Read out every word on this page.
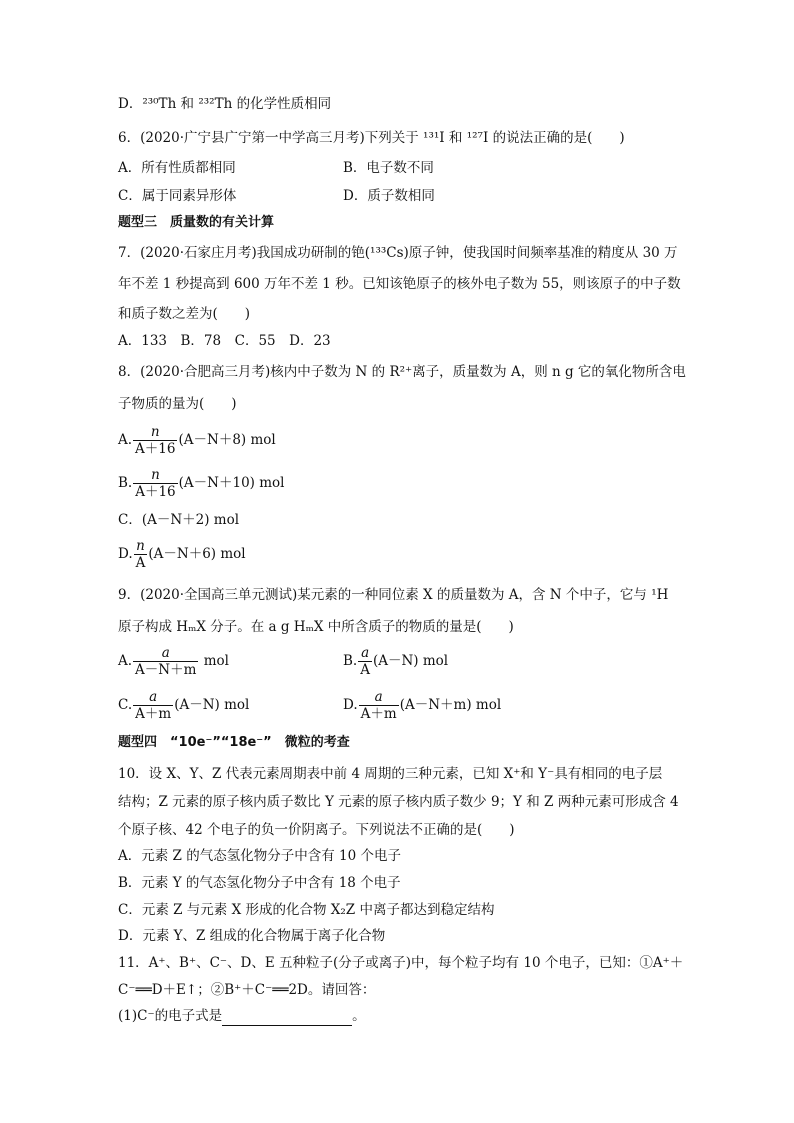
D．²³⁰Th 和 ²³²Th 的化学性质相同
6．(2020·广宁县广宁第一中学高三月考)下列关于 ¹³¹I 和 ¹²⁷I 的说法正确的是(　　)
A．所有性质都相同	B．电子数不同
C．属于同素异形体	D．质子数相同
题型三　质量数的有关计算
7．(2020·石家庄月考)我国成功研制的铯(¹³³Cs)原子钟，使我国时间频率基准的精度从 30 万
年不差 1 秒提高到 600 万年不差 1 秒。已知该铯原子的核外电子数为 55，则该原子的中子数
和质子数之差为(　　)
A．133　B．78　C．55　D．23
8．(2020·合肥高三月考)核内中子数为 N 的 R²⁺离子，质量数为 A，则 n g 它的氧化物所含电
子物质的量为(　　)
A. $\frac{n}{A+16} (A-N+8)$ mol
B. $\frac{n}{A+16} (A-N+10)$ mol
C．(A－N＋2) mol
D. $\frac{n}{A} (A-N+6)$ mol
9．(2020·全国高三单元测试)某元素的一种同位素 X 的质量数为 A，含 N 个中子，它与 ¹H
原子构成 HₘX 分子。在 a g HₘX 中所含质子的物质的量是(　　)
A. $\frac{a}{A-N+m}$ mol	B. $\frac{a}{A} (A-N)$ mol
C. $\frac{a}{A+m} (A-N)$ mol	D. $\frac{a}{A+m} (A-N+m)$ mol
题型四　“10e⁻”“18e⁻”　微粒的考查
10．设 X、Y、Z 代表元素周期表中前 4 周期的三种元素，已知 X⁺和 Y⁻具有相同的电子层
结构；Z 元素的原子核内质子数比 Y 元素的原子核内质子数少 9；Y 和 Z 两种元素可形成含 4
个原子核、42 个电子的负一价阴离子。下列说法不正确的是(　　)
A．元素 Z 的气态氢化物分子中含有 10 个电子
B．元素 Y 的气态氢化物分子中含有 18 个电子
C．元素 Z 与元素 X 形成的化合物 X₂Z 中离子都达到稳定结构
D．元素 Y、Z 组成的化合物属于离子化合物
11．A⁺、B⁺、C⁻、D、E 五种粒子(分子或离子)中，每个粒子均有 10 个电子，已知：①A⁺＋
C⁻══D＋E↑；②B⁺＋C⁻══2D。请回答：
(1)C⁻的电子式是	。
